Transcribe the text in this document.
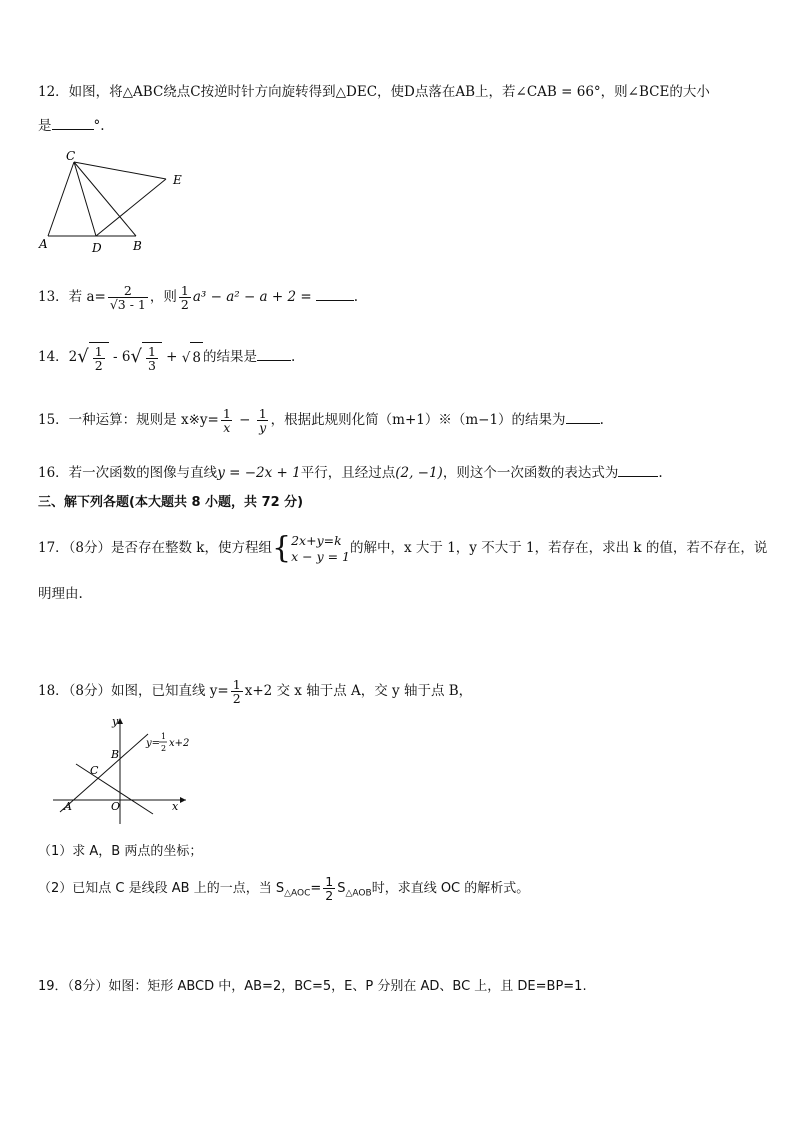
12．如图，将△ABC绕点C按逆时针方向旋转得到△DEC，使D点落在AB上，若∠CAB = 66°，则∠BCE的大小
是	°.
C
E
A	D	B
13．若 $a= \frac{2}{√3 - 1}$ ，则 $\frac{1}{2} a^3 - a^2 - a + 2$ =	.
14．$2√ \frac{1}{2} - 6√ \frac{1}{3}$ + √ 8 的结果是	.
15．一种运算：规则是 x※y= $\frac{1}{x} - \frac{1}{y}$ ，根据此规则化简（m+1）※（m−1）的结果为	.
16．若一次函数的图像与直线y = −2x + 1平行，且经过点(2, −1)，则这个一次函数的表达式为	.
三、解下列各题(本大题共 8 小题，共 72 分)
17．（8分）是否存在整数 k，使方程组{ 2x+y=k
x − y = 1 的解中，x 大于 1，y 不大于 1，若存在，求出 k 的值，若不存在，说
明理由.
18．（8分）如图，已知直线 $y= \frac{1}{2} x+2$ 交 x 轴于点 A，交 y 轴于点 B，
y
x
B
C
A	O
y=
1
2 x+2
（1）求 A，B 两点的坐标；
（2）已知点 C 是线段 AB 上的一点，当 $S_{\triangle AOC}= \frac{1}{2} S_{\triangle AOB}$时，求直线 OC 的解析式。
19．（8分）如图：矩形 ABCD 中，AB=2，BC=5，E、P 分别在 AD、BC 上，且 DE=BP=1.
